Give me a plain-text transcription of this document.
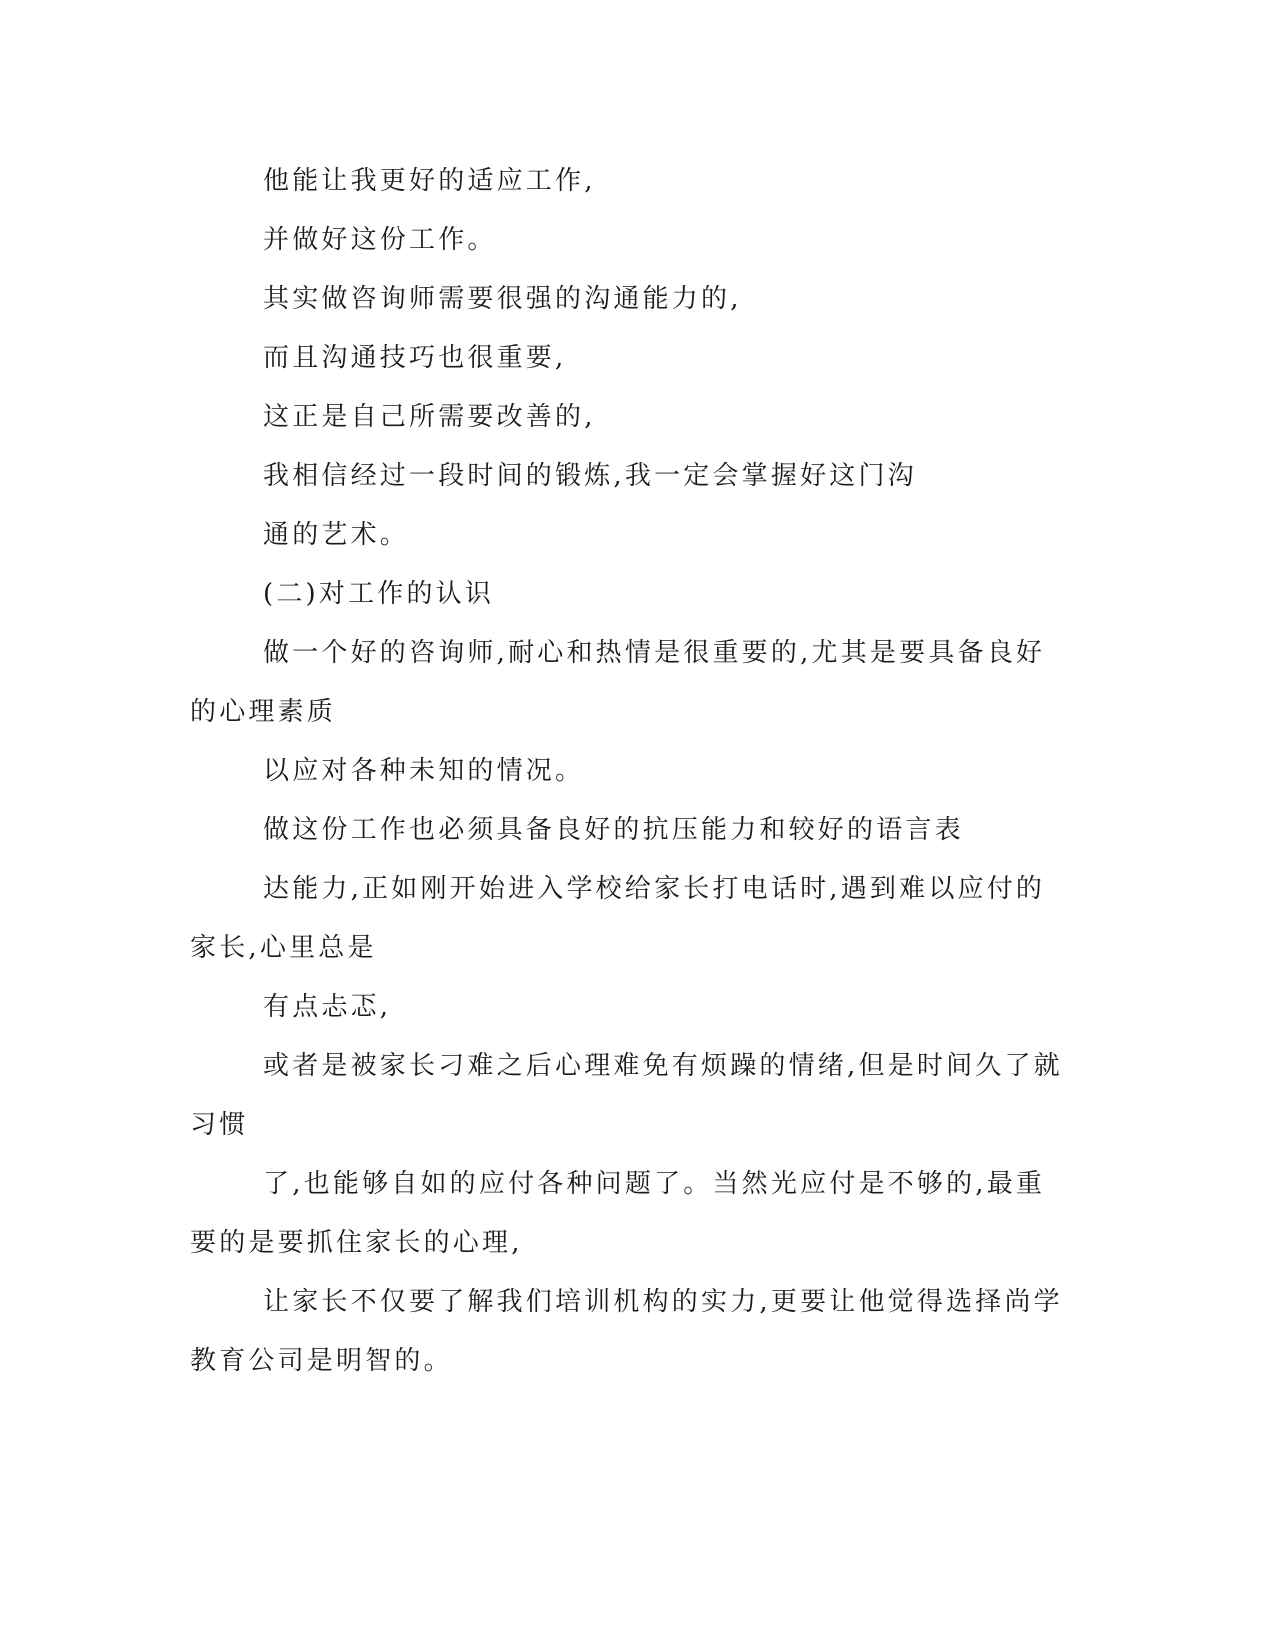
他能让我更好的适应工作,
并做好这份工作。
其实做咨询师需要很强的沟通能力的,
而且沟通技巧也很重要,
这正是自己所需要改善的,
我相信经过一段时间的锻炼,我一定会掌握好这门沟
通的艺术。
(二)对工作的认识
做一个好的咨询师,耐心和热情是很重要的,尤其是要具备良好
的心理素质
以应对各种未知的情况。
做这份工作也必须具备良好的抗压能力和较好的语言表
达能力,正如刚开始进入学校给家长打电话时,遇到难以应付的
家长,心里总是
有点忐忑,
或者是被家长刁难之后心理难免有烦躁的情绪,但是时间久了就
习惯
了,也能够自如的应付各种问题了。当然光应付是不够的,最重
要的是要抓住家长的心理,
让家长不仅要了解我们培训机构的实力,更要让他觉得选择尚学
教育公司是明智的。
